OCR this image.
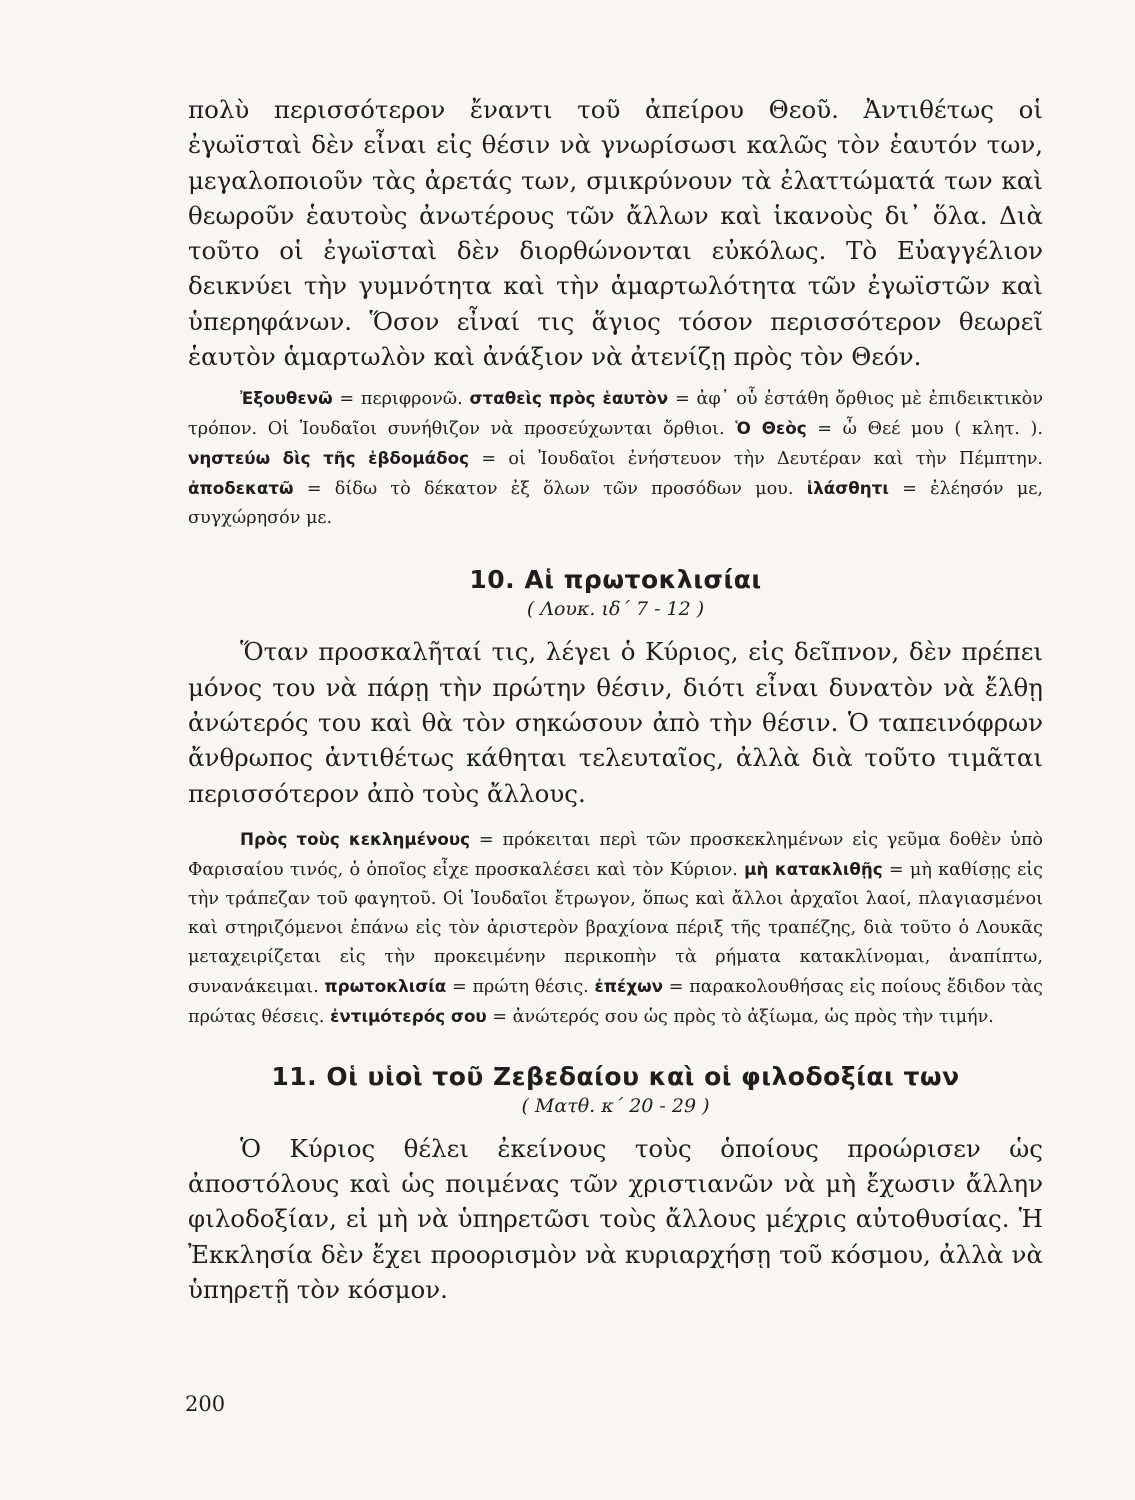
πολὺ περισσότερον ἔναντι τοῦ ἀπείρου Θεοῦ. Ἀντιθέτως οἱ ἐγωϊσταὶ δὲν εἶναι εἰς θέσιν νὰ γνωρίσωσι καλῶς τὸν ἑαυτόν των, μεγαλοποιοῦν τὰς ἀρετάς των, σμικρύνουν τὰ ἐλαττώματά των καὶ θεωροῦν ἑαυτοὺς ἀνωτέρους τῶν ἄλλων καὶ ἱκανοὺς δι᾿ ὅλα. Διὰ τοῦτο οἱ ἐγωϊσταὶ δὲν διορθώνονται εὐκόλως. Τὸ Εὐαγγέλιον δεικνύει τὴν γυμνότητα καὶ τὴν ἁμαρτωλότητα τῶν ἐγωϊστῶν καὶ ὑπερηφάνων. Ὅσον εἶναί τις ἅγιος τόσον περισσότερον θεωρεῖ ἑαυτὸν ἁμαρτωλὸν καὶ ἀνάξιον νὰ ἀτενίζῃ πρὸς τὸν Θεόν.

Ἐξουθενῶ = περιφρονῶ. σταθεὶς πρὸς ἑαυτὸν = ἀφ᾿ οὗ ἐστάθη ὄρθιος μὲ ἐπιδεικτικὸν τρόπον. Οἱ Ἰουδαῖοι συνήθιζον νὰ προσεύχωνται ὄρθιοι. Ὁ Θεὸς = ὦ Θεέ μου ( κλητ. ). νηστεύω δὶς τῆς ἑβδομάδος = οἱ Ἰουδαῖοι ἐνήστευον τὴν Δευτέραν καὶ τὴν Πέμπτην. ἀποδεκατῶ = δίδω τὸ δέκατον ἐξ ὅλων τῶν προσόδων μου. ἱλάσθητι = ἐλέησόν με, συγχώρησόν με.

10. Αἱ πρωτοκλισίαι

( Λουκ. ιδ΄ 7 - 12 )

Ὅταν προσκαλῆταί τις, λέγει ὁ Κύριος, εἰς δεῖπνον, δὲν πρέπει μόνος του νὰ πάρῃ τὴν πρώτην θέσιν, διότι εἶναι δυνατὸν νὰ ἔλθῃ ἀνώτερός του καὶ θὰ τὸν σηκώσουν ἀπὸ τὴν θέσιν. Ὁ ταπεινόφρων ἄνθρωπος ἀντιθέτως κάθηται τελευταῖος, ἀλλὰ διὰ τοῦτο τιμᾶται περισσότερον ἀπὸ τοὺς ἄλλους.

Πρὸς τοὺς κεκλημένους = πρόκειται περὶ τῶν προσκεκλημένων εἰς γεῦμα δοθὲν ὑπὸ Φαρισαίου τινός, ὁ ὁποῖος εἶχε προσκαλέσει καὶ τὸν Κύριον. μὴ κατακλιθῇς = μὴ καθίσῃς εἰς τὴν τράπεζαν τοῦ φαγητοῦ. Οἱ Ἰουδαῖοι ἔτρωγον, ὅπως καὶ ἄλλοι ἀρχαῖοι λαοί, πλαγιασμένοι καὶ στηριζόμενοι ἐπάνω εἰς τὸν ἀριστερὸν βραχίονα πέριξ τῆς τραπέζης, διὰ τοῦτο ὁ Λουκᾶς μεταχειρίζεται εἰς τὴν προκειμένην περικοπὴν τὰ ρήματα κατακλίνομαι, ἀναπίπτω, συνανάκειμαι. πρωτοκλισία = πρώτη θέσις. ἐπέχων = παρακολουθήσας εἰς ποίους ἔδιδον τὰς πρώτας θέσεις. ἐντιμότερός σου = ἀνώτερός σου ὡς πρὸς τὸ ἀξίωμα, ὡς πρὸς τὴν τιμήν.

11. Οἱ υἱοὶ τοῦ Ζεβεδαίου καὶ οἱ φιλοδοξίαι των

( Ματθ. κ΄ 20 - 29 )

Ὁ Κύριος θέλει ἐκείνους τοὺς ὁποίους προώρισεν ὡς ἀποστόλους καὶ ὡς ποιμένας τῶν χριστιανῶν νὰ μὴ ἔχωσιν ἄλλην φιλοδοξίαν, εἰ μὴ νὰ ὑπηρετῶσι τοὺς ἄλλους μέχρις αὐτοθυσίας. Ἡ Ἐκκλησία δὲν ἔχει προορισμὸν νὰ κυριαρχήσῃ τοῦ κόσμου, ἀλλὰ νὰ ὑπηρετῇ τὸν κόσμον.

200
